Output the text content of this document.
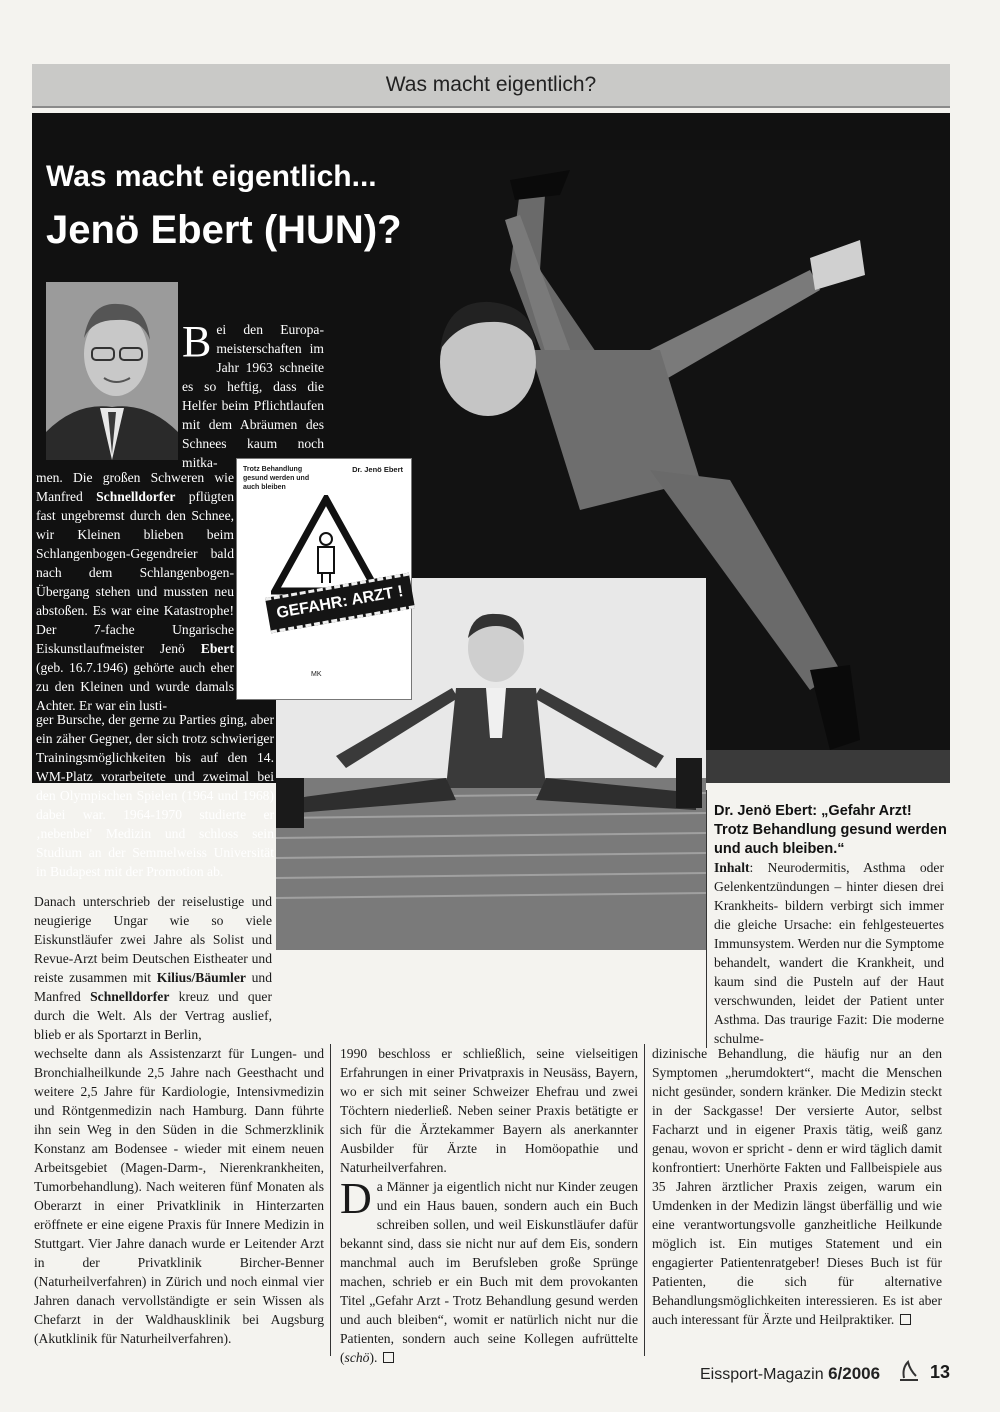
Was macht eigentlich?
Was macht eigentlich...
Jenö Ebert (HUN)?
Trotz Behandlung gesund werden und auch bleiben
Dr. Jenö Ebert
GEFAHR: ARZT !
MK
B ei den Europa-meisterschaften im Jahr 1963 schneite es so heftig, dass die Helfer beim Pflichtlaufen mit dem Abräumen des Schnees kaum noch mitka-
men. Die großen Schweren wie Manfred Schnelldorfer pflügten fast ungebremst durch den Schnee, wir Kleinen blieben beim Schlangenbogen-Gegendreier bald nach dem Schlangenbogen-Übergang stehen und mussten neu abstoßen. Es war eine Katastrophe! Der 7-fache Ungarische Eiskunstlaufmeister Jenö Ebert (geb. 16.7.1946) gehörte auch eher zu den Kleinen und wurde damals Achter. Er war ein lusti-
ger Bursche, der gerne zu Parties ging, aber ein zäher Gegner, der sich trotz schwieriger Trainingsmöglichkeiten bis auf den 14. WM-Platz vorarbeitete und zweimal bei den Olympischen Spielen (1964 und 1968) dabei war. 1964-1970 studierte er ‚nebenbei' Medizin und schloss sein Studium an der Semmelweiss Universität in Budapest mit der Promotion ab.
Danach unterschrieb der reiselustige und neugierige Ungar wie so viele Eiskunstläufer zwei Jahre als Solist und Revue-Arzt beim Deutschen Eistheater und reiste zusammen mit Kilius/Bäumler und Manfred Schnelldorfer kreuz und quer durch die Welt. Als der Vertrag auslief, blieb er als Sportarzt in Berlin,
wechselte dann als Assistenzarzt für Lungen- und Bronchialheilkunde 2,5 Jahre nach Geesthacht und weitere 2,5 Jahre für Kardiologie, Intensivmedizin und Röntgenmedizin nach Hamburg. Dann führte ihn sein Weg in den Süden in die Schmerzklinik Konstanz am Bodensee - wieder mit einem neuen Arbeitsgebiet (Magen-Darm-, Nierenkrankheiten, Tumorbehandlung). Nach weiteren fünf Monaten als Oberarzt in einer Privatklinik in Hinterzarten eröffnete er eine eigene Praxis für Innere Medizin in Stuttgart. Vier Jahre danach wurde er Leitender Arzt in der Privatklinik Bircher-Benner (Naturheilverfahren) in Zürich und noch einmal vier Jahren danach vervollständigte er sein Wissen als Chefarzt in der Waldhausklinik bei Augsburg (Akutklinik für Naturheilverfahren).

1990 beschloss er schließlich, seine vielseitigen Erfahrungen in einer Privatpraxis in Neusäss, Bayern, wo er sich mit seiner Schweizer Ehefrau und zwei Töchtern niederließ. Neben seiner Praxis betätigte er sich für die Ärztekammer Bayern als anerkannter Ausbilder für Ärzte in Homöopathie und Naturheilverfahren.

Da Männer ja eigentlich nicht nur Kinder zeugen und ein Haus bauen, sondern auch ein Buch schreiben sollen, und weil Eiskunstläufer dafür bekannt sind, dass sie nicht nur auf dem Eis, sondern manchmal auch im Berufsleben große Sprünge machen, schrieb er ein Buch mit dem provokanten Titel „Gefahr Arzt - Trotz Behandlung gesund werden und auch bleiben“, womit er natürlich nicht nur die Patienten, sondern auch seine Kollegen aufrüttelte (schö).

Dr. Jenö Ebert: „Gefahr Arzt! Trotz Behandlung gesund werden und auch bleiben.“
Inhalt: Neurodermitis, Asthma oder Gelenkentzündungen – hinter diesen drei Krankheits- bildern verbirgt sich immer die gleiche Ursache: ein fehlgesteuertes Immunsystem. Werden nur die Symptome behandelt, wandert die Krankheit, und kaum sind die Pusteln auf der Haut verschwunden, leidet der Patient unter Asthma. Das traurige Fazit: Die moderne schulme-
dizinische Behandlung, die häufig nur an den Symptomen „herumdoktert“, macht die Menschen nicht gesünder, sondern kränker. Die Medizin steckt in der Sackgasse! Der versierte Autor, selbst Facharzt und in eigener Praxis tätig, weiß ganz genau, wovon er spricht - denn er wird täglich damit konfrontiert: Unerhörte Fakten und Fallbeispiele aus 35 Jahren ärztlicher Praxis zeigen, warum ein Umdenken in der Medizin längst überfällig und wie eine verantwortungsvolle ganzheitliche Heilkunde möglich ist. Ein mutiges Statement und ein engagierter Patientenratgeber! Dieses Buch ist für Patienten, die sich für alternative Behandlungsmöglichkeiten interessieren. Es ist aber auch interessant für Ärzte und Heilpraktiker.
Eissport-Magazin 6/2006	13
